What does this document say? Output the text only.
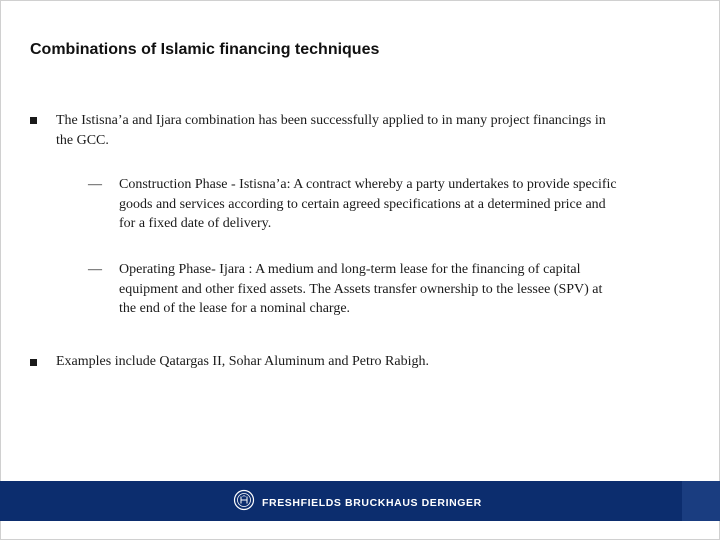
Combinations of Islamic financing techniques
The Istisna’a and Ijara combination has been successfully applied to in many project financings in
the GCC.
— Construction Phase - Istisna’a: A contract whereby a party undertakes to provide specific
goods and services according to certain agreed specifications at a determined price and
for a fixed date of delivery.
— Operating Phase- Ijara : A medium and long-term lease for the financing of capital
equipment and other fixed assets. The Assets transfer ownership to the lessee (SPV) at
the end of the lease for a nominal charge.
Examples include Qatargas II, Sohar Aluminum and Petro Rabigh.
FRESHFIELDS BRUCKHAUS DERINGER
